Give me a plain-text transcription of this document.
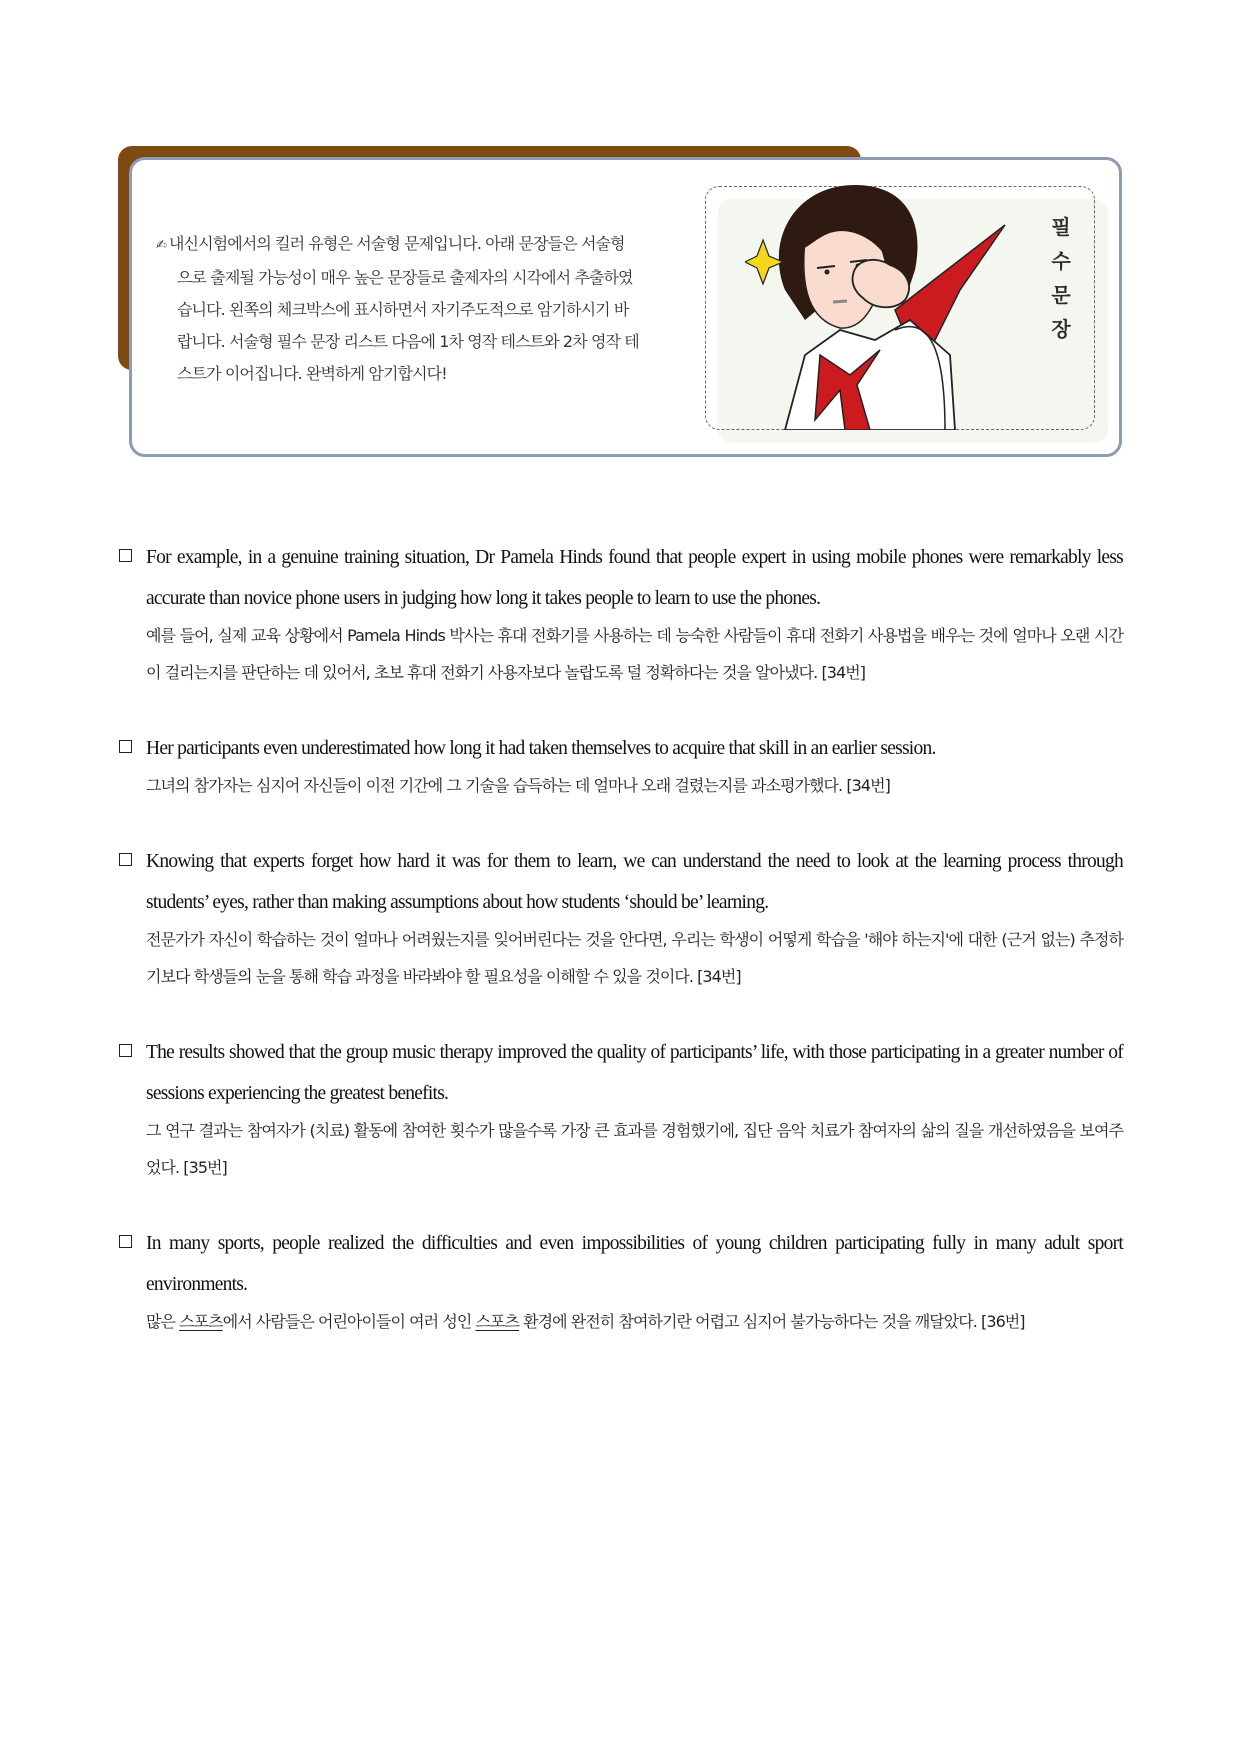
✍ 내신시험에서의 킬러 유형은 서술형 문제입니다. 아래 문장들은 서술형
으로 출제될 가능성이 매우 높은 문장들로 출제자의 시각에서 추출하였
습니다. 왼쪽의 체크박스에 표시하면서 자기주도적으로 암기하시기 바
랍니다. 서술형 필수 문장 리스트 다음에 1차 영작 테스트와 2차 영작 테
스트가 이어집니다. 완벽하게 암기합시다!
필
수
문
장
For example, in a genuine training situation, Dr Pamela Hinds found that people expert in using mobile phones were remarkably less accurate than novice phone users in judging how long it takes people to learn to use the phones.
예를 들어, 실제 교육 상황에서 Pamela Hinds 박사는 휴대 전화기를 사용하는 데 능숙한 사람들이 휴대 전화기 사용법을 배우는 것에 얼마나 오랜 시간이 걸리는지를 판단하는 데 있어서, 초보 휴대 전화기 사용자보다 놀랍도록 덜 정확하다는 것을 알아냈다. [34번]
Her participants even underestimated how long it had taken themselves to acquire that skill in an earlier session.
그녀의 참가자는 심지어 자신들이 이전 기간에 그 기술을 습득하는 데 얼마나 오래 걸렸는지를 과소평가했다. [34번]
Knowing that experts forget how hard it was for them to learn, we can understand the need to look at the learning process through students’ eyes, rather than making assumptions about how students ‘should be’ learning.
전문가가 자신이 학습하는 것이 얼마나 어려웠는지를 잊어버린다는 것을 안다면, 우리는 학생이 어떻게 학습을 '해야 하는지'에 대한 (근거 없는) 추정하기보다 학생들의 눈을 통해 학습 과정을 바라봐야 할 필요성을 이해할 수 있을 것이다. [34번]
The results showed that the group music therapy improved the quality of participants’ life, with those participating in a greater number of sessions experiencing the greatest benefits.
그 연구 결과는 참여자가 (치료) 활동에 참여한 횟수가 많을수록 가장 큰 효과를 경험했기에, 집단 음악 치료가 참여자의 삶의 질을 개선하였음을 보여주었다. [35번]
In many sports, people realized the difficulties and even impossibilities of young children participating fully in many adult sport environments.
많은 스포츠에서 사람들은 어린아이들이 여러 성인 스포츠 환경에 완전히 참여하기란 어렵고 심지어 불가능하다는 것을 깨달았다. [36번]
